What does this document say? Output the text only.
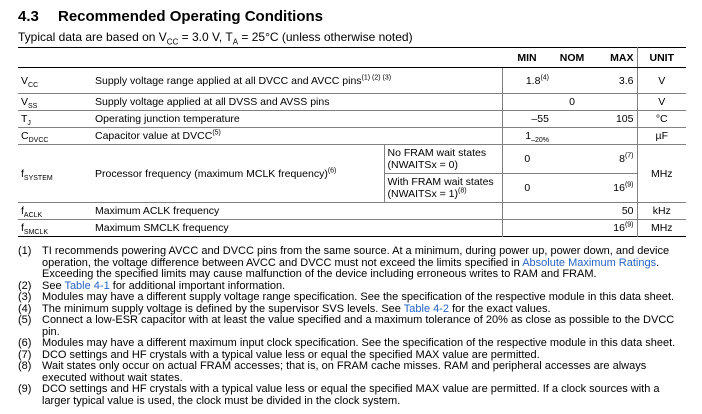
4.3 Recommended Operating Conditions
Typical data are based on $V_{CC} = 3.0$ V, $T_A = 25^\circ C$ (unless otherwise noted)
			MIN	NOM	MAX	UNIT
$V_{CC}$	Supply voltage range applied at all DVCC and AVCC pins$^{(1) (2) (3)}$		1.8$^{(4)}$		3.6	V
$V_{SS}$	Supply voltage applied at all DVSS and AVSS pins			0		V
$T_J$	Operating junction temperature		–55		105	°C
$C_{DVCC}$	Capacitor value at DVCC$^{(5)}$		$1_{-20\%}$			µF
$f_{SYSTEM}$	Processor frequency (maximum MCLK frequency)$^{(6)}$	No FRAM wait states (NWAITSx = 0)	0		8$^{(7)}$	MHz
		With FRAM wait states (NWAITSx = 1)$^{(8)}$	0		16$^{(9)}$
$f_{ACLK}$	Maximum ACLK frequency				50	kHz
$f_{SMCLK}$	Maximum SMCLK frequency				16$^{(9)}$	MHz
(1) TI recommends powering AVCC and DVCC pins from the same source. At a minimum, during power up, power down, and device operation, the voltage difference between AVCC and DVCC must not exceed the limits specified in Absolute Maximum Ratings. Exceeding the specified limits may cause malfunction of the device including erroneous writes to RAM and FRAM.
(2) See Table 4-1 for additional important information.
(3) Modules may have a different supply voltage range specification. See the specification of the respective module in this data sheet.
(4) The minimum supply voltage is defined by the supervisor SVS levels. See Table 4-2 for the exact values.
(5) Connect a low-ESR capacitor with at least the value specified and a maximum tolerance of 20% as close as possible to the DVCC pin.
(6) Modules may have a different maximum input clock specification. See the specification of the respective module in this data sheet.
(7) DCO settings and HF crystals with a typical value less or equal the specified MAX value are permitted.
(8) Wait states only occur on actual FRAM accesses; that is, on FRAM cache misses. RAM and peripheral accesses are always executed without wait states.
(9) DCO settings and HF crystals with a typical value less or equal the specified MAX value are permitted. If a clock sources with a larger typical value is used, the clock must be divided in the clock system.
